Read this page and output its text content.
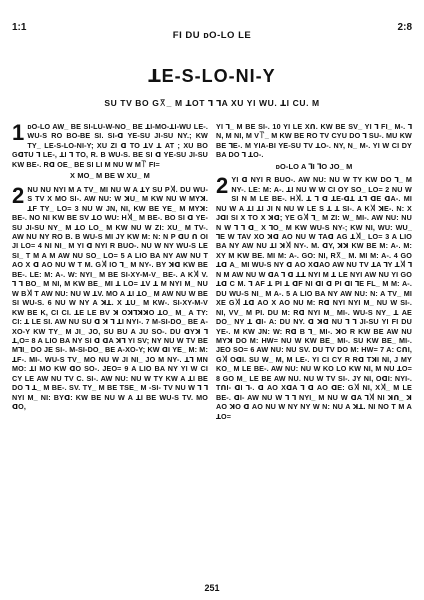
1:1
FI DU ᴅO-LO LE
2:8
ꓕE-S-LO-NI-Y
SU TV BO G꓃_ M ꓕOT ꓶ ꓶA XU YI WU. ꓕI CU. M

1 ᴅO-LO AW_ BE SI-LU-W-NO_ BE ꓕI-MO-ꓕI-WU LE-. WU-S RO BO-BE SI. SI-ꓷ YE-SU JI-SU NY.; KW TY_ LE-S-LO-NI-Y; XU ZI ꓷ TO ꓕV ꓕ AT ; XU BO GꓷTU ꓶ LE-, ꓕI ꓶ TO, R. B WU-S. BE SI ꓷ YE-SU JI-SU KW BE-. Rꓷ OE_ BE SI LI M NU W M꓅ FI=

X MO_ M BE W XU_ M

2 NU NU NYI M A TV_ MI NU W A ꓕY SU P꓀. DU WU-S TV X MO SI-. AW NU: W ꓘU_ M KW NU W MYꓘ. ꓕF TY_ LO= 3 NU W JN, NI, KW BE YE_ M MYꓘ: BE-. NO NI KW BE SV ꓕO WU: H꓀_ M BE-. BO SI ꓷ YE-SU JI-SU NY_ M ꓕO LO_ M KW NU W ZI: XU_ M TV-. AW NU NY RO B. B WU-S MI JY KW M: N: N P ꓷU ꓵ OI JI LO= 4 NI NI_ M YI ꓷ NYI R BUO-. NU W NY WU-S LE SI_ T M A M AW NU SO_ LO= 5 A LIO BA NY AW NU T AO X ꓷ AO NU W T M. G꓀ IO ꓶ_ M NY-. BY ꓘꓷ KW BE BE-. LE: M: A-. W: NYI_ M BE SI-XY-M-V_ BE-. A K꓀ V. ꓶ ꓶ BO_ M NI, M KW BE_ MI ꓕ LO= ꓕV ꓕ M NYI M_ NU W B꓀ T AW NU: NU W ꓕV. MO A ꓕI ꓕO_ M AW NU W BE SI WU-S. 6 NU W NY A ꓘꓕ. X ꓕU_ M KW-. SI-XY-M-V KW BE K, CI CI. ꓕE LE BV ꓘ OꓘꓶꓘꓘO ꓕO_ M_ A TY: CI: ꓕ LE SI. AW NU SU ꓷ ꓘ ꓶ ꓕI NYI-. 7 M-SI-DO_ BE A-XO-Y KW TY_ M JI_ JO, SU BU A JU SO-. DU ꓷYꓘ ꓶ ꓕ,O= 8 A LIO BA NY SI ꓷ ꓷA ꓘꓶ YI SV; NY NU W TV BE MꓶI_ DO JE SI-. M-SI-DO_ BE A-XO-Y; KW ꓷI YE_ M: M: ꓕF-. MI-. WU-S TV_ MO NU W JI NI_ JO M NY-. ꓕꓶ MN MO: ꓕI MO KW ꓷO SO-. JEO= 9 A LIO BA NY YI W CI CY LE AW NU TV C. SI-. AW NU: NU W TY KW A ꓕI BE DO ꓶ ꓕ_ M BE-. SV. TY_ M BE TSE_ M -SI- TV NU W ꓶ ꓶ NYI M_ NI: BYꓷ: KW BE NU W A ꓕI BE WU-S TV. MO ꓷO,

YI ꓶ_ M BE SI-. 10 YI LE Xꓵ. KW BE SV_ YI ꓶ FI_ M-. ꓶ N, M NI, M V꓅_ M KW BE RO TV CYU DO ꓶ SU-. MU KW BE ꓶE-. M YIA-BI YE-SU TV ꓕO-. NY, N_ M-. YI W CI DY BA DO ꓶ ꓕO-.

ᴅO-LO A ꓶI ꓶO JO_ M

2 YI ꓷ NYI R BUO-. AW NU: NU W TY KW DO ꓶ_ M NY-. LE: M: A-. ꓕI NU W W CI OY SO_ LO= 2 NU W SI N M LE BE-. H꓀. ꓕ ꓶ ꓷ ꓕE-ꓷꓕ ꓕꓶ ꓷE ꓷA-. MI NU W A ꓕI ꓕI JI N NU W LE S ꓕ ꓕ SI-. A K꓀ ꓘE-. N: X JꓷI SI X TO X ꓘꓷ; YE G꓀ ꓶ_ M ZI: W_ MI-. AW NU: NU N W ꓶ ꓶ ꓷ_ X ꓶO_ M KW WU-S NY-; KW NI, WU: WU_ ꓶE W TAV XO ꓘꓷ AO NU W TAꓷ AG ꓕ꓀_ LO= 3 A LIO BA NY AW NU ꓕI ꓘ꓀ NY-. M. ꓷY, ꓘꓘ KW BE M: A-. M: XY M KW BE. MI M: A-. GO: NI, R꓃_ M. MI M: A-. 4 GO ꓕꓷ A_ MI WU-S NY ꓷ AO XꓷAO AW NU TV ꓕA ꓶY ꓕ꓀ ꓶ N M AW NU W ꓷA ꓶ ꓷ ꓕꓕ NYI M ꓕ LE NYI AW NU YI GO ꓕꓷ C M. ꓶ AF ꓕ PI ꓕ ꓷF NI ꓷI ꓷ PI ꓷI ꓶE FL_ M M: A-. DU WU-S NI_ M A-. 5 A LIO BA NY AW NU: N: A TV_ MI XE G꓀ ꓕꓷ AO X AO NU M: Rꓷ NYI NYI M_ NU W SI-. NI, VV_ M PI. DU M: Rꓷ NYI M_ MI-. WU-S NY_ ꓕ AE DO_ NY ꓕ ꓷI- A: DU NY. ꓷ ꓘꓷ NU ꓶ ꓶ JI-SU YI FI DU YE-. M KW JN: W: Rꓷ B ꓶ_ MI-. ꓘO R KW BE AW NU MYꓘ DO M: HW= NU W KW BE_ MI-. SU KW BE_ MI-. JEO SO= 6 AW NU: NU SV. DU TV DO M: HW= 7 A: CꓵI, G꓀ OꓷI. SU W_ M, M LE-. YI CI CY R Rꓷ TꓘI NI, J MY KO_ M LE BE-. AW NU: NU W KO LO KW NI, M NU ꓕO= 8 GO M_ LE BE AW NU. NU W TV SI-. JY NI, OꓷI: NYI-. TꓵI- ꓷI ꓶ-. ꓷ AO XꓷA ꓶ ꓷ AO ꓷE: G꓀ NI, X꓀_ M LE BE-. ꓷI- AW NU W ꓶ ꓶ NYI_ M NU W ꓷA ꓶ꓀ NI ꓘꓵ_ ꓘ AO ꓘO ꓷ AO NU W NY NY W N: NU A ꓘꓕ. NI NO T M A ꓕO=

251
